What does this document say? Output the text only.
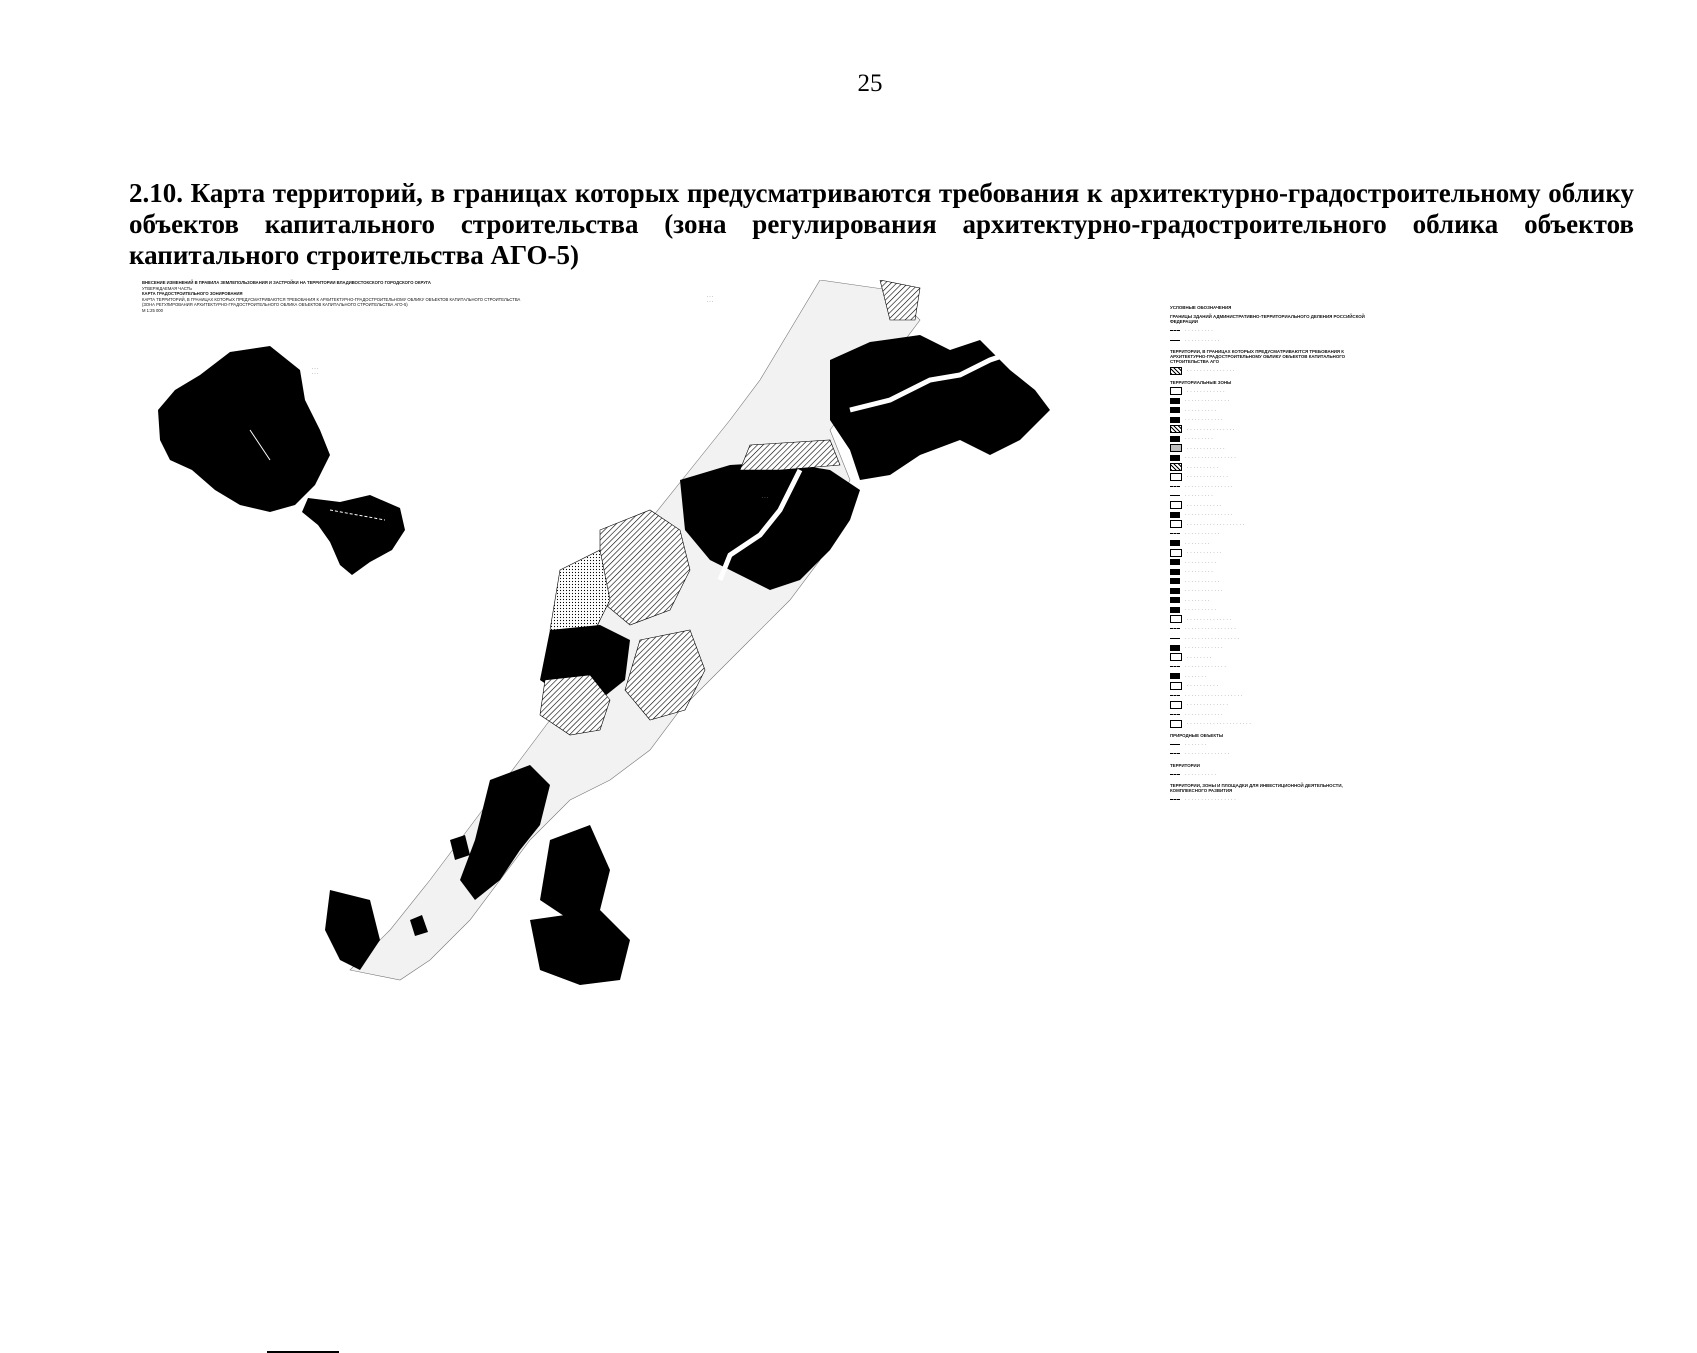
25
2.10. Карта территорий, в границах которых предусматриваются требования к архитектурно-градостроительному облику объектов капитального строительства (зона регулирования архитектурно-градостроительного облика объектов капитального строительства АГО-5)
ВНЕСЕНИЕ ИЗМЕНЕНИЙ В ПРАВИЛА ЗЕМЛЕПОЛЬЗОВАНИЯ И ЗАСТРОЙКИ НА ТЕРРИТОРИИ ВЛАДИВОСТОКСКОГО ГОРОДСКОГО ОКРУГА
УТВЕРЖДАЕМАЯ ЧАСТЬ
КАРТА ГРАДОСТРОИТЕЛЬНОГО ЗОНИРОВАНИЯ
КАРТА ТЕРРИТОРИЙ, В ГРАНИЦАХ КОТОРЫХ ПРЕДУСМАТРИВАЮТСЯ ТРЕБОВАНИЯ К АРХИТЕКТУРНО-ГРАДОСТРОИТЕЛЬНОМУ ОБЛИКУ ОБЪЕКТОВ КАПИТАЛЬНОГО СТРОИТЕЛЬСТВА
(ЗОНА РЕГУЛИРОВАНИЯ АРХИТЕКТУРНО-ГРАДОСТРОИТЕЛЬНОГО ОБЛИКА ОБЪЕКТОВ КАПИТАЛЬНОГО СТРОИТЕЛЬСТВА АГО-5)
М 1:25 000
· · ·
· · ·
· · ·
· · ·
· · ·
УСЛОВНЫЕ ОБОЗНАЧЕНИЯ
ГРАНИЦЫ ЗДАНИЙ АДМИНИСТРАТИВНО-ТЕРРИТОРИАЛЬНОГО ДЕЛЕНИЯ РОССИЙСКОЙ ФЕДЕРАЦИИ
· · · · · · · · ·
· · · · · · · · · · ·
ТЕРРИТОРИИ, В ГРАНИЦАХ КОТОРЫХ ПРЕДУСМАТРИВАЮТСЯ ТРЕБОВАНИЯ К АРХИТЕКТУРНО-ГРАДОСТРОИТЕЛЬНОМУ ОБЛИКУ ОБЪЕКТОВ КАПИТАЛЬНОГО СТРОИТЕЛЬСТВА АГО
· · · · · · · · · · · · · · ·
ТЕРРИТОРИАЛЬНЫЕ ЗОНЫ
· · · · · · · · · · · ·
· · · · · · · · · · · · · ·
· · · · · · · · · ·
· · · · · · · · · · · ·
· · · · · · · · · · · · · · ·
· · · · · · · · ·
· · · · · · · · · · · ·
· · · · · · · · · · · · · · · ·
· · · · · · · · · ·
· · · · · · · · · · · · ·
· · · · · · · · · · · · · · ·
· · · · · · · · ·
· · · · · · · · · · ·
· · · · · · · · · · · · · · ·
· · · · · · · · · · · · · · · · · ·
· · · · · · · · · · ·
· · · · · · · ·
· · · · · · · · · · ·
· · · · · · · · · ·
· · · · · · · · ·
· · · · · · · · · · ·
· · · · · · · · · · · ·
· · · · · · · ·
· · · · · · · · · ·
· · · · · · · · · · · · · ·
· · · · · · · · · · · · · · · ·
· · · · · · · · · · · · · · · · ·
· · · · · · · · · · · ·
· · · · · · · ·
· · · · · · · · · · · · ·
· · · · · · ·
· · · · · · · · · ·
· · · · · · · · · · · · · · · · · ·
· · · · · · · · · · · · ·
· · · · · · · · · · · ·
· · · · · · · · · · · · · · · · · · · ·
ПРИРОДНЫЕ ОБЪЕКТЫ
· · · · · · ·
· · · · · · · · · · · · · ·
ТЕРРИТОРИИ
· · · · · · · · · ·
ТЕРРИТОРИИ, ЗОНЫ И ПЛОЩАДКИ ДЛЯ ИНВЕСТИЦИОННОЙ ДЕЯТЕЛЬНОСТИ, КОМПЛЕКСНОГО РАЗВИТИЯ
· · · · · · · · · · · · · · · ·
